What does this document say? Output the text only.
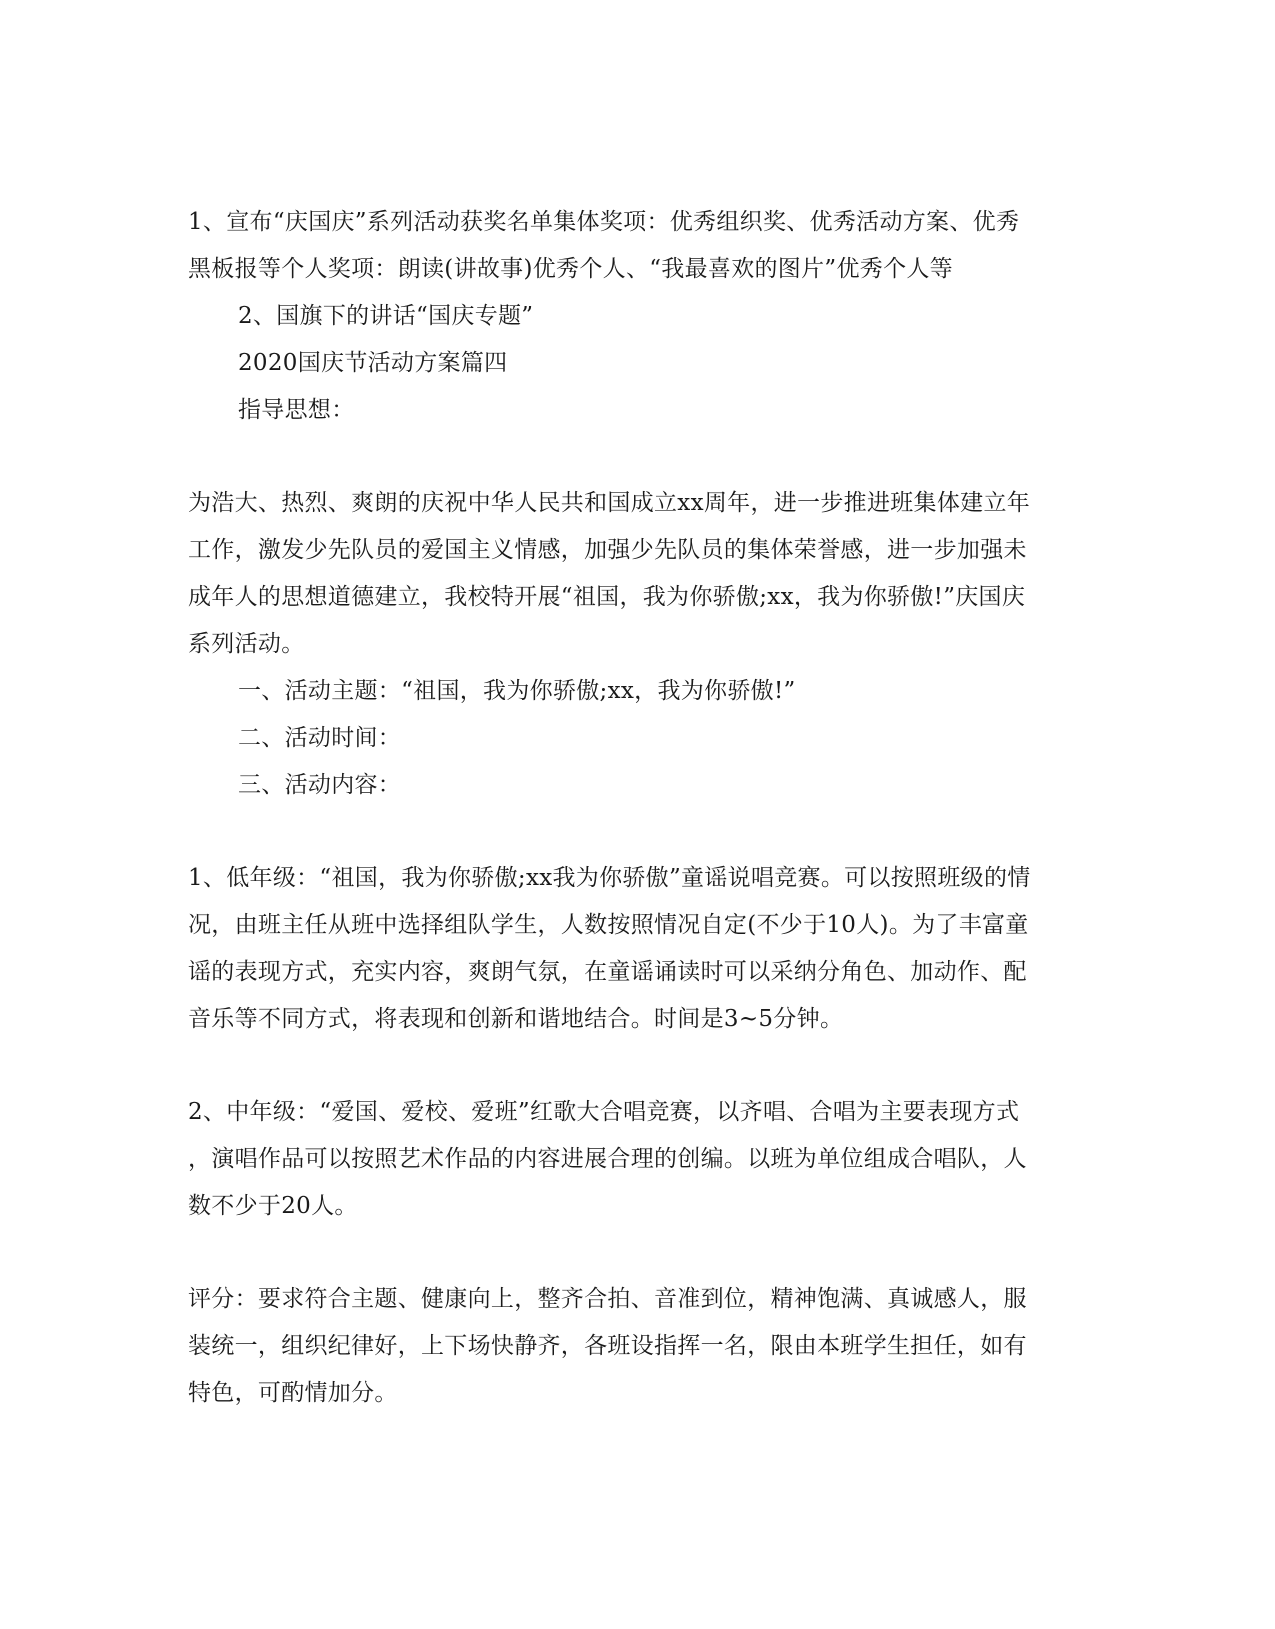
1、宣布“庆国庆”系列活动获奖名单集体奖项：优秀组织奖、优秀活动方案、优秀

黑板报等个人奖项：朗读(讲故事)优秀个人、“我最喜欢的图片”优秀个人等

2、国旗下的讲话“国庆专题”

2020国庆节活动方案篇四

指导思想：

为浩大、热烈、爽朗的庆祝中华人民共和国成立xx周年，进一步推进班集体建立年

工作，激发少先队员的爱国主义情感，加强少先队员的集体荣誉感，进一步加强未

成年人的思想道德建立，我校特开展“祖国，我为你骄傲;xx，我为你骄傲!”庆国庆

系列活动。

一、活动主题：“祖国，我为你骄傲;xx，我为你骄傲!”

二、活动时间：

三、活动内容：

1、低年级：“祖国，我为你骄傲;xx我为你骄傲”童谣说唱竞赛。可以按照班级的情

况，由班主任从班中选择组队学生，人数按照情况自定(不少于10人)。为了丰富童

谣的表现方式，充实内容，爽朗气氛，在童谣诵读时可以采纳分角色、加动作、配

音乐等不同方式，将表现和创新和谐地结合。时间是3~5分钟。

2、中年级：“爱国、爱校、爱班”红歌大合唱竞赛，以齐唱、合唱为主要表现方式

，演唱作品可以按照艺术作品的内容进展合理的创编。以班为单位组成合唱队，人

数不少于20人。

评分：要求符合主题、健康向上，整齐合拍、音准到位，精神饱满、真诚感人，服

装统一，组织纪律好，上下场快静齐，各班设指挥一名，限由本班学生担任，如有

特色，可酌情加分。
